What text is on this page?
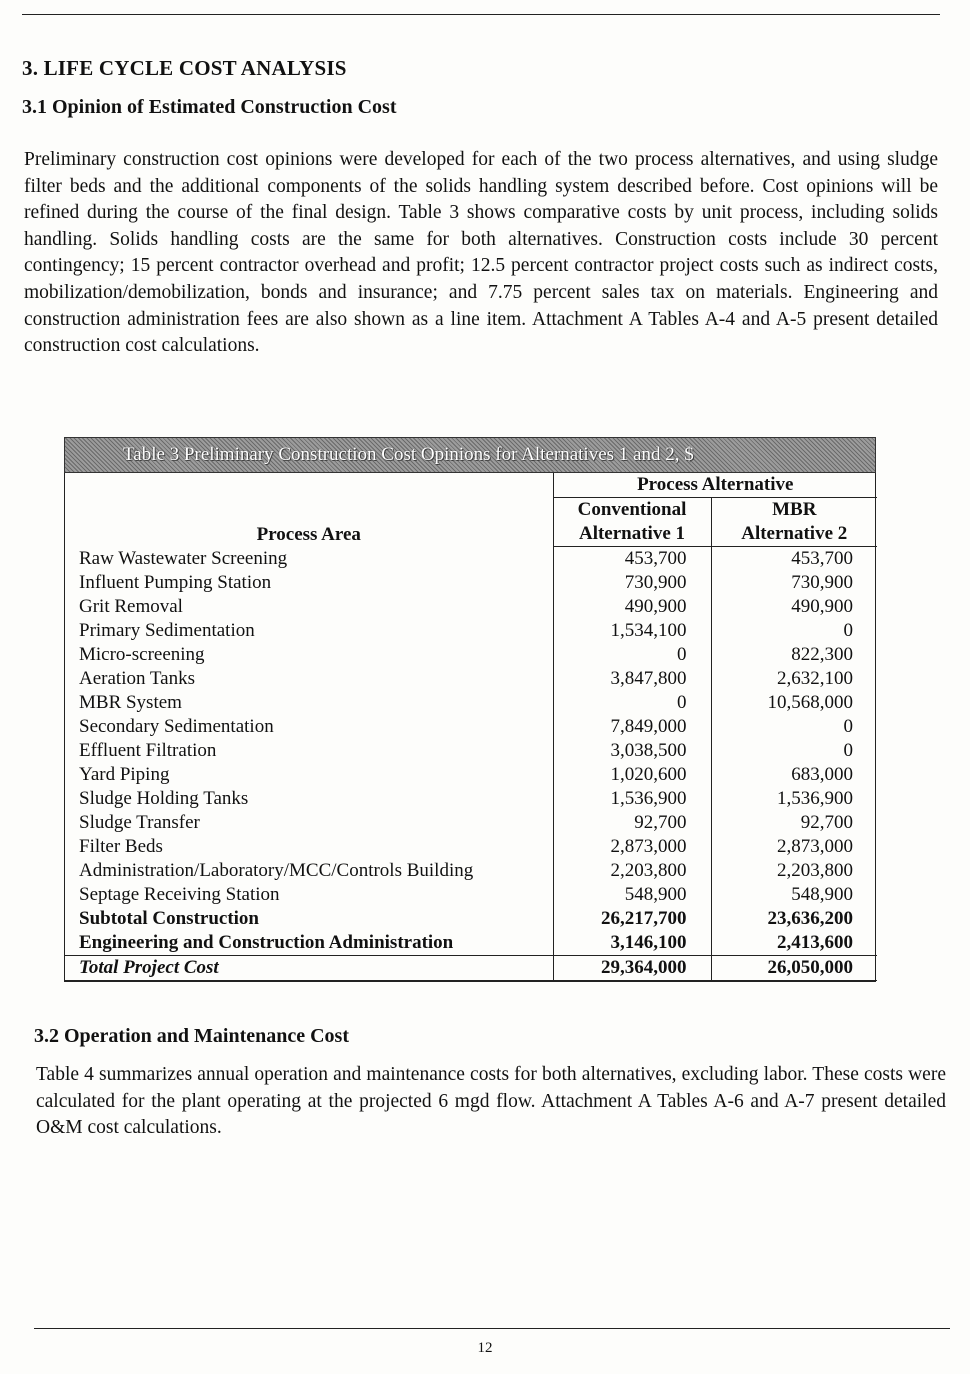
3. LIFE CYCLE COST ANALYSIS
3.1 Opinion of Estimated Construction Cost

Preliminary construction cost opinions were developed for each of the two process alternatives, and using sludge filter beds and the additional components of the solids handling system described before. Cost opinions will be refined during the course of the final design. Table 3 shows comparative costs by unit process, including solids handling. Solids handling costs are the same for both alternatives. Construction costs include 30 percent contingency; 15 percent contractor overhead and profit; 12.5 percent contractor project costs such as indirect costs, mobilization/demobilization, bonds and insurance; and 7.75 percent sales tax on materials. Engineering and construction administration fees are also shown as a line item. Attachment A Tables A-4 and A-5 present detailed construction cost calculations.

Table 3 Preliminary Construction Cost Opinions for Alternatives 1 and 2, $
Process Area	Process Alternative	
	Conventional	MBR
	Alternative 1	Alternative 2
Raw Wastewater Screening	453,700	453,700
Influent Pumping Station	730,900	730,900
Grit Removal	490,900	490,900
Primary Sedimentation	1,534,100	0
Micro-screening	0	822,300
Aeration Tanks	3,847,800	2,632,100
MBR System	0	10,568,000
Secondary Sedimentation	7,849,000	0
Effluent Filtration	3,038,500	0
Yard Piping	1,020,600	683,000
Sludge Holding Tanks	1,536,900	1,536,900
Sludge Transfer	92,700	92,700
Filter Beds	2,873,000	2,873,000
Administration/Laboratory/MCC/Controls Building	2,203,800	2,203,800
Septage Receiving Station	548,900	548,900
Subtotal Construction	26,217,700	23,636,200
Engineering and Construction Administration	3,146,100	2,413,600
Total Project Cost	29,364,000	26,050,000
3.2 Operation and Maintenance Cost

Table 4 summarizes annual operation and maintenance costs for both alternatives, excluding labor. These costs were calculated for the plant operating at the projected 6 mgd flow. Attachment A Tables A-6 and A-7 present detailed O&M cost calculations.

12
